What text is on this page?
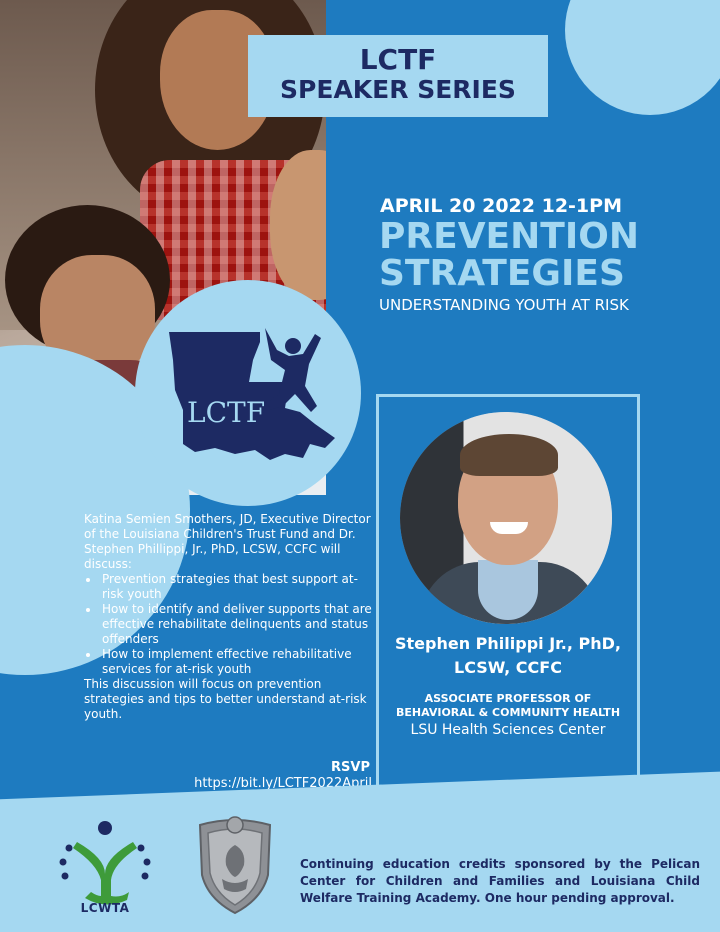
LCTF
LCTF
SPEAKER SERIES
APRIL 20 2022 12-1PM
PREVENTION
STRATEGIES
UNDERSTANDING YOUTH AT RISK
Stephen Philippi Jr., PhD,
LCSW, CCFC
ASSOCIATE PROFESSOR OF
BEHAVIORAL & COMMUNITY HEALTH
LSU Health Sciences Center

Katina Semien Smothers, JD, Executive Director of the Louisiana Children's Trust Fund and Dr. Stephen Phillippi, Jr., PhD, LCSW, CCFC will discuss:

• Prevention strategies that best support at-risk youth
• How to identify and deliver supports that are effective rehabilitate delinquents and status offenders
• How to implement effective rehabilitative services for at-risk youth

This discussion will focus on prevention strategies and tips to better understand at-risk youth.

RSVP
https://bit.ly/LCTF2022April
LCWTA
Continuing education credits sponsored by the Pelican Center for Children and Families and Louisiana Child Welfare Training Academy. One hour pending approval.
